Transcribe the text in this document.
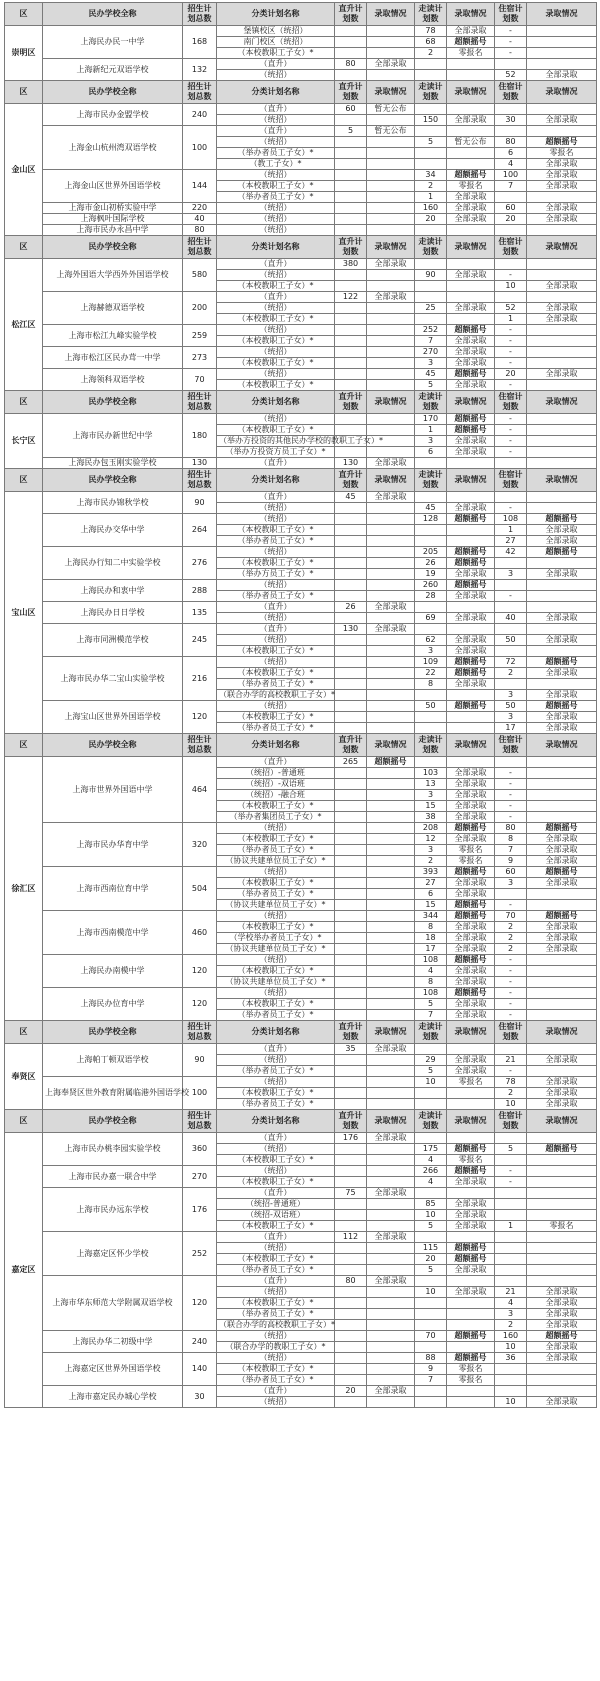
区	民办学校全称	招生计划总数	分类计划名称	直升计划数	录取情况	走读计划数	录取情况	住宿计划数	录取情况
崇明区	上海民办民一中学	168	堡镇校区（统招）			78	全部录取	-	
			南门校区（统招）			68	超额摇号	-	
			（本校教职工子女）*			2	零报名	-	
	上海新纪元双语学校	132	（直升）	80	全部录取				
			（统招）					52	全部录取
区	民办学校全称	招生计划总数	分类计划名称	直升计划数	录取情况	走读计划数	录取情况	住宿计划数	录取情况
金山区	上海市民办金盟学校	240	（直升）	60	暂无公布				
			（统招）			150	全部录取	30	全部录取
	上海金山杭州湾双语学校	100	（直升）	5	暂无公布				
			（统招）			5	暂无公布	80	超额摇号
			（举办者员工子女）*					6	零报名
			（教工子女）*					4	全部录取
	上海金山区世界外国语学校	144	（统招）			34	超额摇号	100	全部录取
			（本校教职工子女）*			2	零报名	7	全部录取
			（举办者员工子女）*			1	全部录取		
	上海市金山初桥实验中学	220	（统招）			160	全部录取	60	全部录取
	上海枫叶国际学校	40	（统招）			20	全部录取	20	全部录取
	上海市民办永昌中学	80	（统招）						
区	民办学校全称	招生计划总数	分类计划名称	直升计划数	录取情况	走读计划数	录取情况	住宿计划数	录取情况
松江区	上海外国语大学西外外国语学校	580	（直升）	380	全部录取				
			（统招）			90	全部录取	-	
			（本校教职工子女）*					10	全部录取
	上海赫德双语学校	200	（直升）	122	全部录取				
			（统招）			25	全部录取	52	全部录取
			（本校教职工子女）*					1	全部录取
	上海市松江九峰实验学校	259	（统招）			252	超额摇号	-	
			（本校教职工子女）*			7	全部录取	-	
	上海市松江区民办茸一中学	273	（统招）			270	全部录取	-	
			（本校教职工子女）*			3	全部录取	-	
	上海领科双语学校	70	（统招）			45	超额摇号	20	全部录取
			（本校教职工子女）*			5	全部录取	-	
区	民办学校全称	招生计划总数	分类计划名称	直升计划数	录取情况	走读计划数	录取情况	住宿计划数	录取情况
长宁区	上海市民办新世纪中学	180	（统招）			170	超额摇号	-	
			（本校教职工子女）*			1	超额摇号	-	
			（举办方投资的其他民办学校的教职工子女）*			3	全部录取	-	
			（举办方投资方员工子女）*			6	全部录取	-	
	上海民办包玉刚实验学校	130	（直升）	130	全部录取				
区	民办学校全称	招生计划总数	分类计划名称	直升计划数	录取情况	走读计划数	录取情况	住宿计划数	录取情况
宝山区	上海市民办锦秋学校	90	（直升）	45	全部录取				
			（统招）			45	全部录取	-	
	上海民办交华中学	264	（统招）			128	超额摇号	108	超额摇号
			（本校教职工子女）*					1	全部录取
			（举办者员工子女）*					27	全部录取
	上海民办行知二中实验学校	276	（统招）			205	超额摇号	42	超额摇号
			（本校教职工子女）*			26	超额摇号		
			（举办方员工子女）*			19	全部录取	3	全部录取
	上海民办和衷中学	288	（统招）			260	超额摇号		
			（举办者员工子女）*			28	全部录取	-	
	上海民办日日学校	135	（直升）	26	全部录取				
			（统招）			69	全部录取	40	全部录取
	上海市同洲模范学校	245	（直升）	130	全部录取				
			（统招）			62	全部录取	50	全部录取
			（本校教职工子女）*			3	全部录取		
	上海市民办华二宝山实验学校	216	（统招）			109	超额摇号	72	超额摇号
			（本校教职工子女）*			22	超额摇号	2	全部录取
			（举办者员工子女）*			8	全部录取		
			（联合办学的高校教职工子女）*					3	全部录取
	上海宝山区世界外国语学校	120	（统招）			50	超额摇号	50	超额摇号
			（本校教职工子女）*					3	全部录取
			（举办者员工子女）*					17	全部录取
区	民办学校全称	招生计划总数	分类计划名称	直升计划数	录取情况	走读计划数	录取情况	住宿计划数	录取情况
徐汇区	上海市世界外国语中学	464	（直升）	265	超额摇号				
			（统招）-普通班			103	全部录取	-	
			（统招）-双语班			13	全部录取	-	
			（统招）-融合班			3	全部录取	-	
			（本校教职工子女）*			15	全部录取	-	
			（举办者集团员工子女）*			38	全部录取	-	
	上海市民办华育中学	320	（统招）			208	超额摇号	80	超额摇号
			（本校教职工子女）*			12	全部录取	8	全部录取
			（举办者员工子女）*			3	零报名	7	全部录取
			（协议共建单位员工子女）*			2	零报名	9	全部录取
	上海市西南位育中学	504	（统招）			393	超额摇号	60	超额摇号
			（本校教职工子女）*			27	全部录取	3	全部录取
			（举办者员工子女）*			6	全部录取		
			（协议共建单位员工子女）*			15	超额摇号	-	
	上海市西南模范中学	460	（统招）			344	超额摇号	70	超额摇号
			（本校教职工子女）*			8	全部录取	2	全部录取
			（学校举办者员工子女）*			18	全部录取	2	全部录取
			（协议共建单位员工子女）*			17	全部录取	2	全部录取
	上海民办南模中学	120	（统招）			108	超额摇号	-	
			（本校教职工子女）*			4	全部录取	-	
			（协议共建单位员工子女）*			8	全部录取	-	
	上海民办位育中学	120	（统招）			108	超额摇号	-	
			（本校教职工子女）*			5	全部录取	-	
			（举办者员工子女）*			7	全部录取	-	
区	民办学校全称	招生计划总数	分类计划名称	直升计划数	录取情况	走读计划数	录取情况	住宿计划数	录取情况
奉贤区	上海帕丁顿双语学校	90	（直升）	35	全部录取				
			（统招）			29	全部录取	21	全部录取
			（举办者员工子女）*			5	全部录取	-	
	上海奉贤区世外教育附属临港外国语学校	100	（统招）			10	零报名	78	全部录取
			（本校教职工子女）*					2	全部录取
			（举办者员工子女）*					10	全部录取
区	民办学校全称	招生计划总数	分类计划名称	直升计划数	录取情况	走读计划数	录取情况	住宿计划数	录取情况
嘉定区	上海市民办桃李园实验学校	360	（直升）	176	全部录取				
			（统招）			175	超额摇号	5	超额摇号
			（本校教职工子女）*			4	零报名		
	上海市民办嘉一联合中学	270	（统招）			266	超额摇号	-	
			（本校教职工子女）*			4	全部录取	-	
	上海市民办远东学校	176	（直升）	75	全部录取				
			（统招-普通班）			85	全部录取		
			（统招-双语班）			10	全部录取		
			（本校教职工子女）*			5	全部录取	1	零报名
	上海嘉定区怀少学校	252	（直升）	112	全部录取				
			（统招）			115	超额摇号		
			（本校教职工子女）*			20	超额摇号		
			（举办者员工子女）*			5	全部录取		
	上海市华东师范大学附属双语学校	120	（直升）	80	全部录取				
			（统招）			10	全部录取	21	全部录取
			（本校教职工子女）*					4	全部录取
			（举办者员工子女）*					3	全部录取
			（联合办学的高校教职工子女）*					2	全部录取
	上海民办华二初级中学	240	（统招）			70	超额摇号	160	超额摇号
			（联合办学的教职工子女）*					10	全部录取
	上海嘉定区世界外国语学校	140	（统招）			88	超额摇号	36	全部录取
			（本校教职工子女）*			9	零报名		
			（举办者员工子女）*			7	零报名		
	上海市嘉定民办城心学校	30	（直升）	20	全部录取				
			（统招）					10	全部录取
